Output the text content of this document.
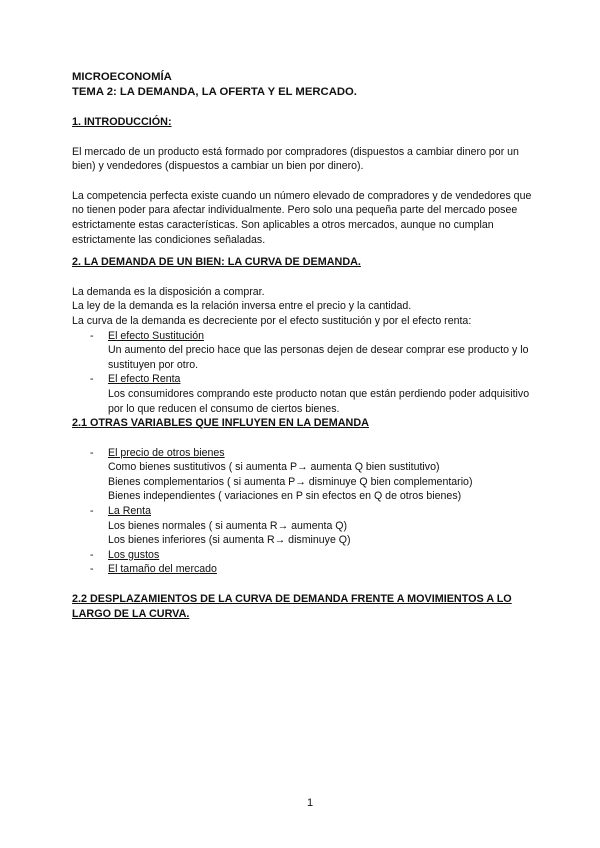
MICROECONOMÍA
TEMA 2: LA DEMANDA, LA OFERTA Y EL MERCADO.
1. INTRODUCCIÓN:

El mercado de un producto está formado por compradores (dispuestos a cambiar dinero por un bien) y vendedores (dispuestos a cambiar un bien por dinero).

La competencia perfecta existe cuando un número elevado de compradores y de vendedores que no tienen poder para afectar individualmente. Pero solo una pequeña parte del mercado posee estrictamente estas características. Son aplicables a otros mercados, aunque no cumplan estrictamente las condiciones señaladas.

2. LA DEMANDA DE UN BIEN: LA CURVA DE DEMANDA.

La demanda es la disposición a comprar.

La ley de la demanda es la relación inversa entre el precio y la cantidad.

La curva de la demanda es decreciente por el efecto sustitución y por el efecto renta:

- El efecto Sustitución
Un aumento del precio hace que las personas dejen de desear comprar ese producto y lo sustituyen por otro.
- El efecto Renta
Los consumidores comprando este producto notan que están perdiendo poder adquisitivo por lo que reducen el consumo de ciertos bienes.
2.1 OTRAS VARIABLES QUE INFLUYEN EN LA DEMANDA
- El precio de otros bienes
Como bienes sustitutivos ( si aumenta P→ aumenta Q bien sustitutivo)
Bienes complementarios ( si aumenta P→ disminuye Q bien complementario)
Bienes independientes ( variaciones en P sin efectos en Q de otros bienes)
- La Renta
Los bienes normales ( si aumenta R→ aumenta Q)
Los bienes inferiores (si aumenta R→ disminuye Q)
- Los gustos
- El tamaño del mercado
2.2 DESPLAZAMIENTOS DE LA CURVA DE DEMANDA FRENTE A MOVIMIENTOS A LO LARGO DE LA CURVA.
1
